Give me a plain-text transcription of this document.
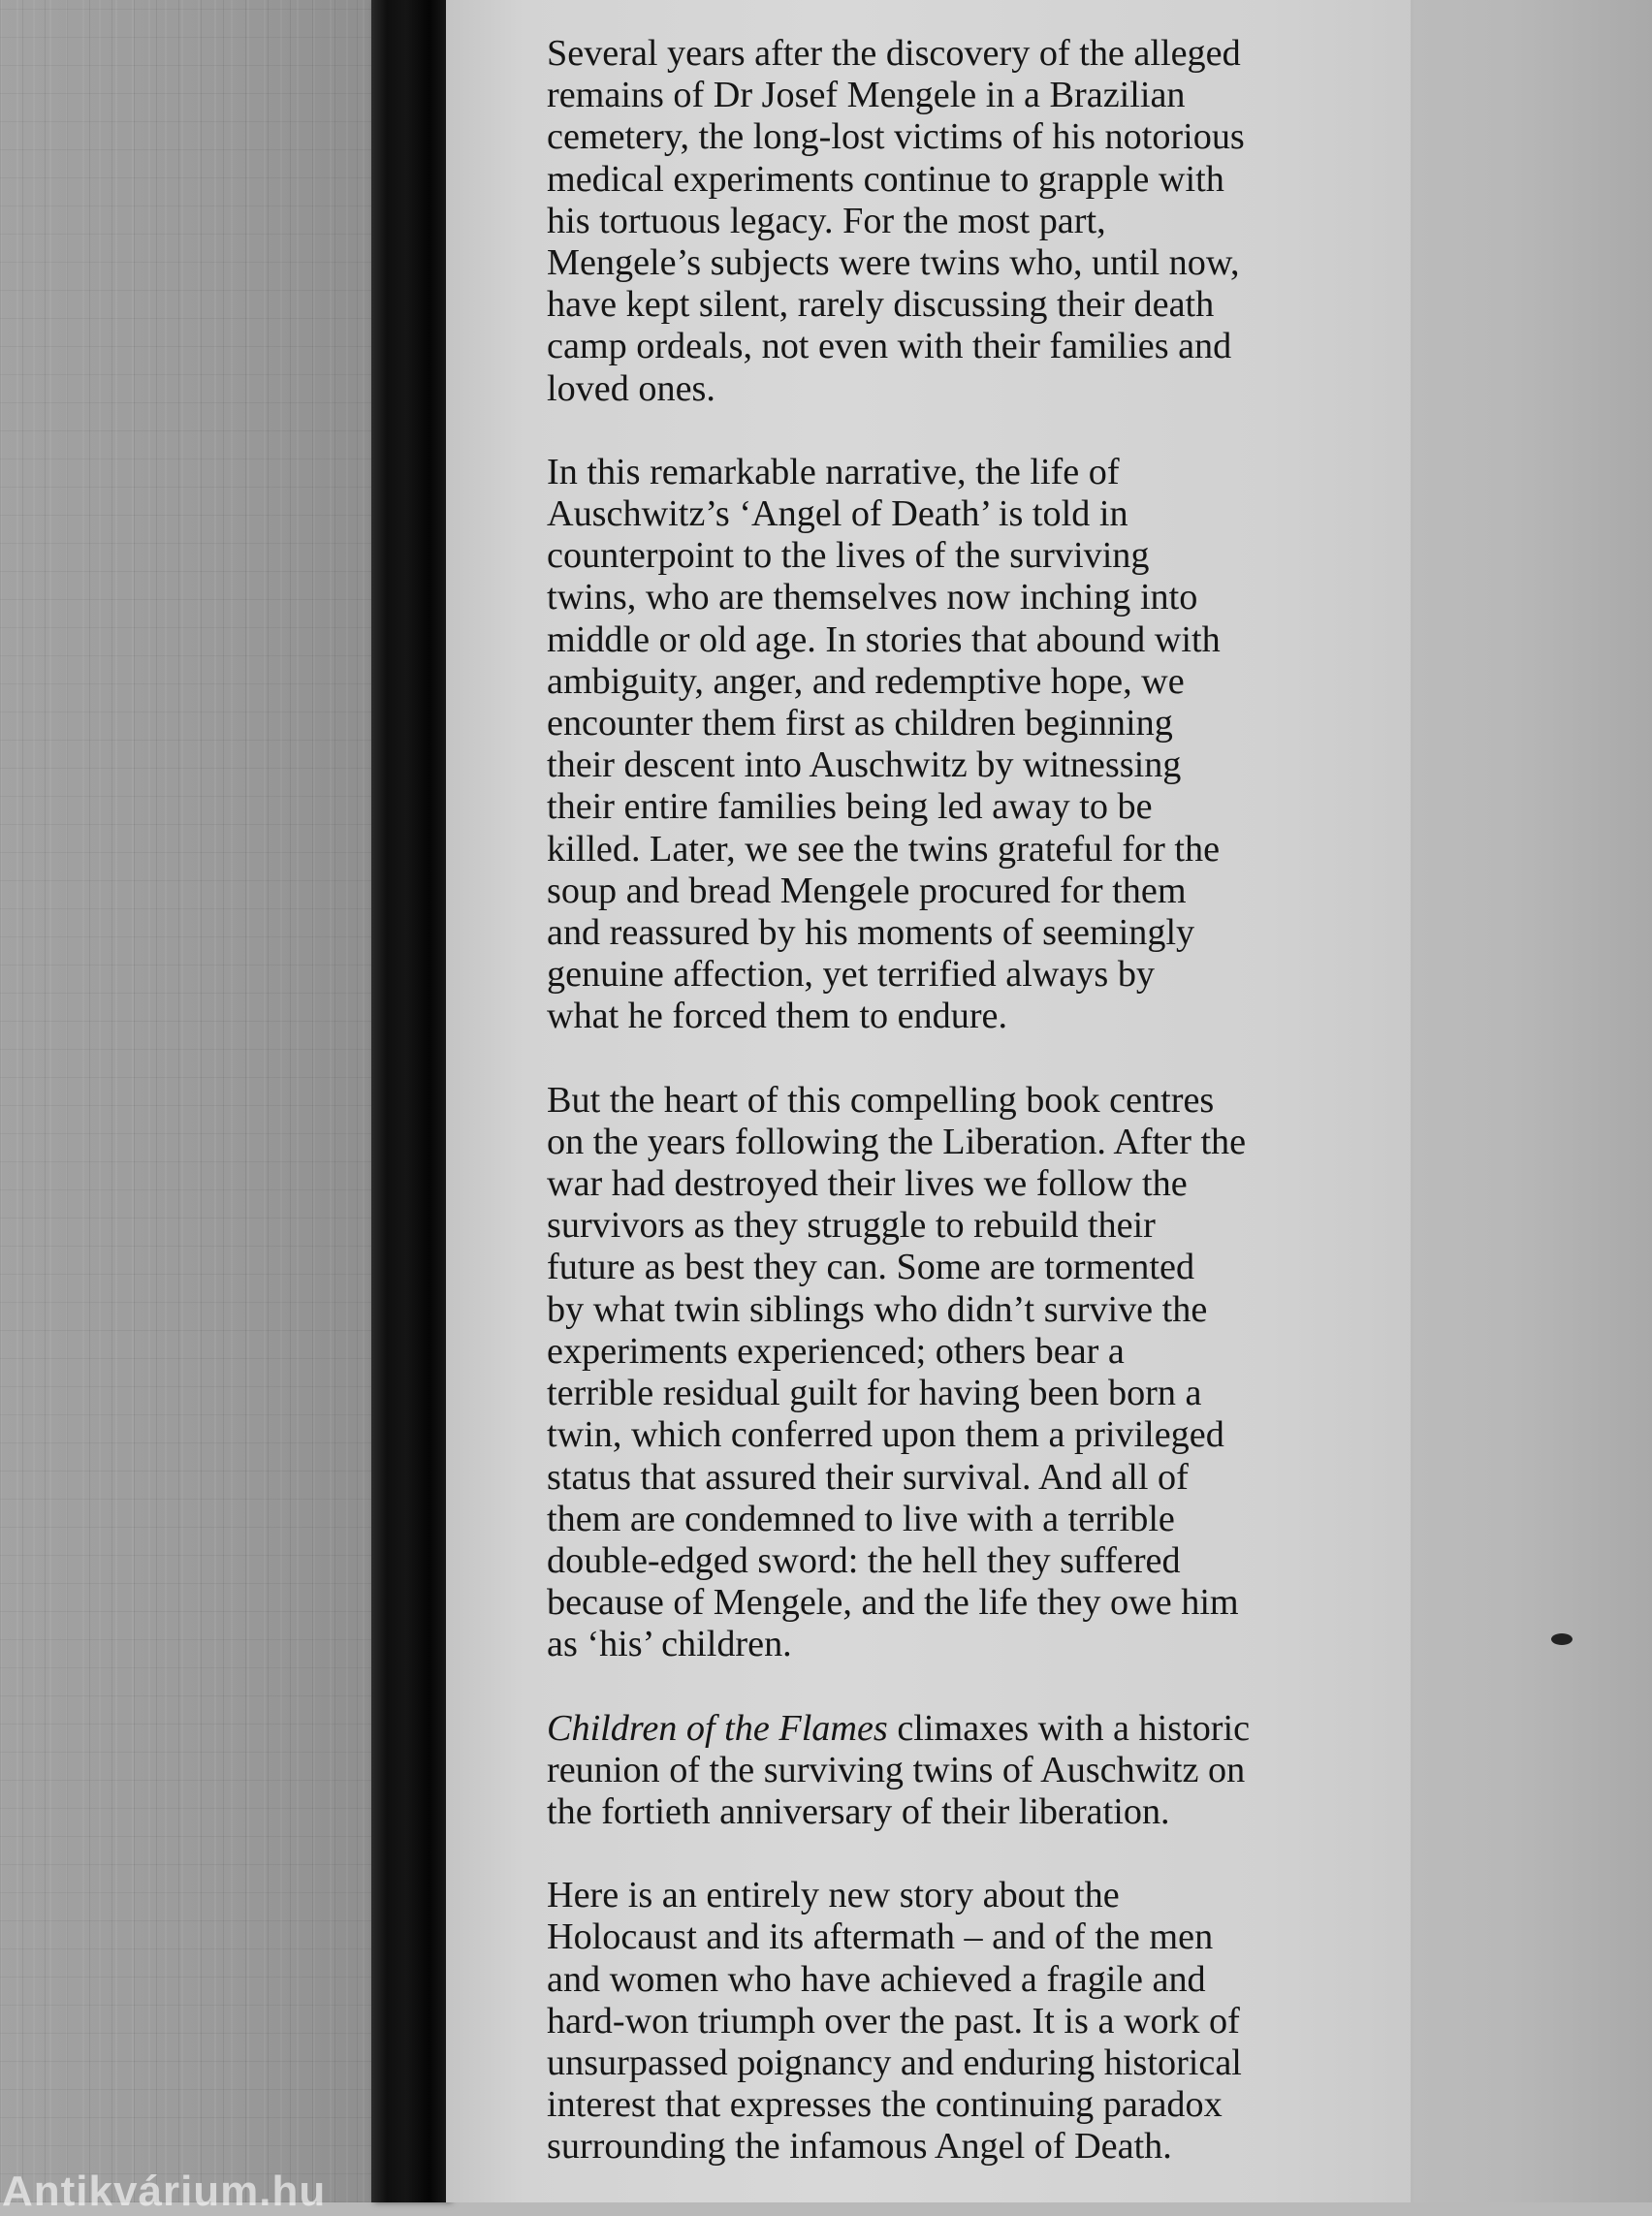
Antikvárium.hu

Several years after the discovery of the alleged
remains of Dr Josef Mengele in a Brazilian
cemetery, the long-lost victims of his notorious
medical experiments continue to grapple with
his tortuous legacy. For the most part,
Mengele’s subjects were twins who, until now,
have kept silent, rarely discussing their death
camp ordeals, not even with their families and
loved ones.

In this remarkable narrative, the life of
Auschwitz’s ‘Angel of Death’ is told in
counterpoint to the lives of the surviving
twins, who are themselves now inching into
middle or old age. In stories that abound with
ambiguity, anger, and redemptive hope, we
encounter them first as children beginning
their descent into Auschwitz by witnessing
their entire families being led away to be
killed. Later, we see the twins grateful for the
soup and bread Mengele procured for them
and reassured by his moments of seemingly
genuine affection, yet terrified always by
what he forced them to endure.

But the heart of this compelling book centres
on the years following the Liberation. After the
war had destroyed their lives we follow the
survivors as they struggle to rebuild their
future as best they can. Some are tormented
by what twin siblings who didn’t survive the
experiments experienced; others bear a
terrible residual guilt for having been born a
twin, which conferred upon them a privileged
status that assured their survival. And all of
them are condemned to live with a terrible
double-edged sword: the hell they suffered
because of Mengele, and the life they owe him
as ‘his’ children.

Children of the Flames climaxes with a historic
reunion of the surviving twins of Auschwitz on
the fortieth anniversary of their liberation.

Here is an entirely new story about the
Holocaust and its aftermath – and of the men
and women who have achieved a fragile and
hard-won triumph over the past. It is a work of
unsurpassed poignancy and enduring historical
interest that expresses the continuing paradox
surrounding the infamous Angel of Death.
